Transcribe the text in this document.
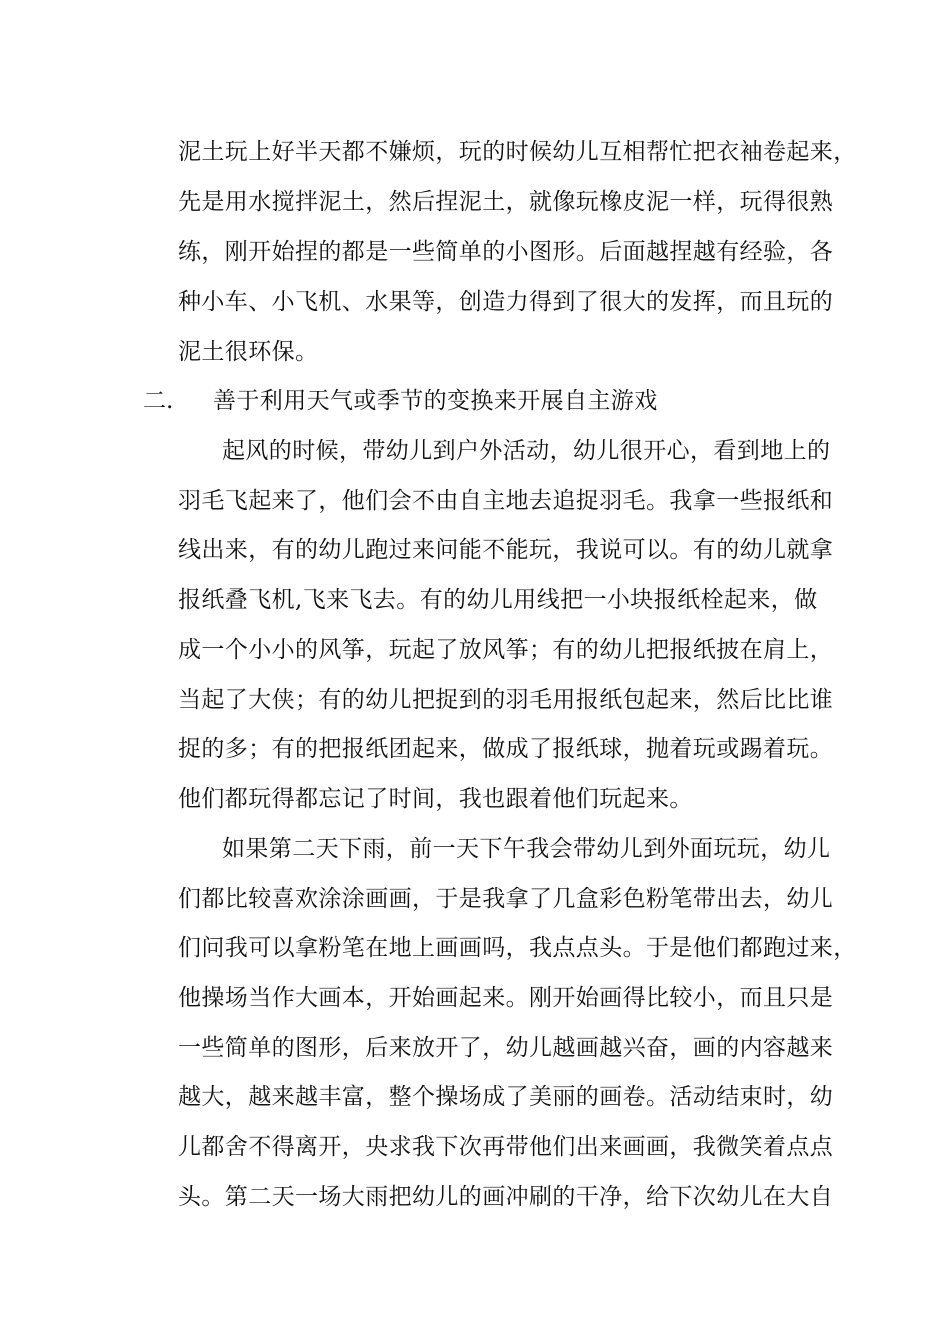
泥土玩上好半天都不嫌烦，玩的时候幼儿互相帮忙把衣袖卷起来，
先是用水搅拌泥土，然后捏泥土，就像玩橡皮泥一样，玩得很熟
练，刚开始捏的都是一些简单的小图形。后面越捏越有经验，各
种小车、小飞机、水果等，创造力得到了很大的发挥，而且玩的
泥土很环保。
二. 善于利用天气或季节的变换来开展自主游戏
起风的时候，带幼儿到户外活动，幼儿很开心，看到地上的
羽毛飞起来了，他们会不由自主地去追捉羽毛。我拿一些报纸和
线出来，有的幼儿跑过来问能不能玩，我说可以。有的幼儿就拿
报纸叠飞机,飞来飞去。有的幼儿用线把一小块报纸栓起来，做
成一个小小的风筝，玩起了放风筝；有的幼儿把报纸披在肩上，
当起了大侠；有的幼儿把捉到的羽毛用报纸包起来，然后比比谁
捉的多；有的把报纸团起来，做成了报纸球，抛着玩或踢着玩。
他们都玩得都忘记了时间，我也跟着他们玩起来。
如果第二天下雨，前一天下午我会带幼儿到外面玩玩，幼儿
们都比较喜欢涂涂画画，于是我拿了几盒彩色粉笔带出去，幼儿
们问我可以拿粉笔在地上画画吗，我点点头。于是他们都跑过来，
他操场当作大画本，开始画起来。刚开始画得比较小，而且只是
一些简单的图形，后来放开了，幼儿越画越兴奋，画的内容越来
越大，越来越丰富，整个操场成了美丽的画卷。活动结束时，幼
儿都舍不得离开，央求我下次再带他们出来画画，我微笑着点点
头。第二天一场大雨把幼儿的画冲刷的干净，给下次幼儿在大自
